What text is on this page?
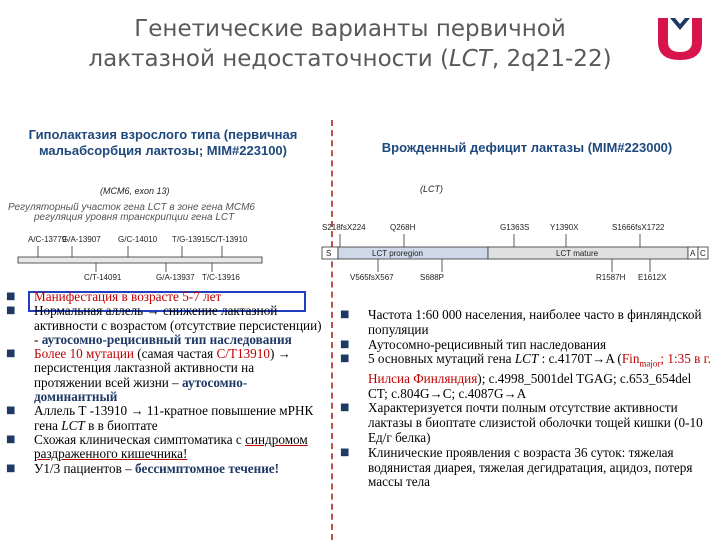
Генетические варианты первичной
лактазной недостаточности (LCT, 2q21-22)
Гиполактазия взрослого типа (первичная мальабсорбция лактозы; MIM#223100)	Врожденный дефицит лактазы (MIM#223000)
(MCM6, exon 13)
Регуляторный участок гена LCT в зоне гена MCM6
регуляция уровня транскрипции гена LCT
A/C-13779
G/A-13907 G/C-14010 T/G-13915 C/T-13910
C/T-14091	G/A-13937 T/C-13916
(LCT)
S218fsX224	Q268H	G1363S	Y1390X	S1666fsX1722
S	LCT proregion	LCT mature	A C
V565fsX567	S688P	R1587H E1612X
■ Манифестация в возрасте 5-7 лет
■ Нормальная аллель → снижение лактазной активности с возрастом (отсутствие персистенции) - аутосомно-рецисивный тип наследования
■ Более 10 мутации (самая частая C/T13910) → персистенция лактазной активности на протяжении всей жизни – аутосомно-доминантный
■ Аллель Т -13910 → 11-кратное повышение мРНК гена LCT в в биоптате
■ Схожая клиническая симптоматика с синдромом раздраженного кишечника!
■ У1/3 пациентов – бессимптомное течение!
■ Частота 1:60 000 населения, наиболее часто в финляндской популяции
■ Аутосомно-рецисивный тип наследования
■ 5 основных мутаций гена LCT : c.4170T→A (Fin$_{major}$; 1:35 в г. Нилсиа Финляндия); c.4998_5001del TGAG; c.653_654del CT; c.804G→C; c.4087G→A
■ Характеризуется почти полным отсутствие активности лактазы в биоптате слизистой оболочки тощей кишки (0-10 Ед/г белка)
■ Клинические проявления с возраста 36 суток: тяжелая водянистая диарея, тяжелая дегидратация, ацидоз, потеря массы тела
